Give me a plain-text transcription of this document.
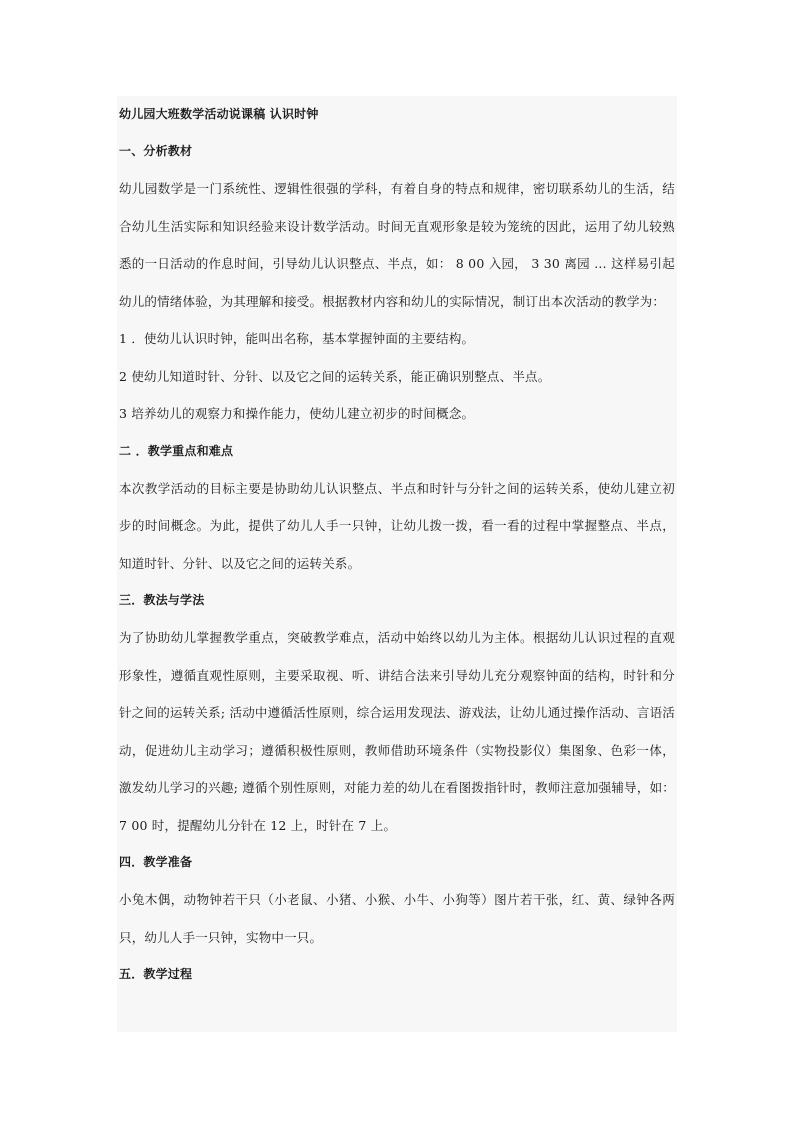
幼儿园大班数学活动说课稿 认识时钟

一、分析教材

幼儿园数学是一门系统性、逻辑性很强的学科，有着自身的特点和规律，密切联系幼儿的生活，结合幼儿生活实际和知识经验来设计数学活动。时间无直观形象是较为笼统的因此，运用了幼儿较熟悉的一日活动的作息时间，引导幼儿认识整点、半点，如： 8 00 入园， 3 30 离园 … 这样易引起幼儿的情绪体验，为其理解和接受。根据教材内容和幼儿的实际情况，制订出本次活动的教学为：

1 ．使幼儿认识时钟，能叫出名称，基本掌握钟面的主要结构。

2 使幼儿知道时针、分针、以及它之间的运转关系，能正确识别整点、半点。

3 培养幼儿的观察力和操作能力，使幼儿建立初步的时间概念。

二 ．教学重点和难点

本次教学活动的目标主要是协助幼儿认识整点、半点和时针与分针之间的运转关系，使幼儿建立初步的时间概念。为此，提供了幼儿人手一只钟，让幼儿拨一拨，看一看的过程中掌握整点、半点，知道时针、分针、以及它之间的运转关系。

三．教法与学法

为了协助幼儿掌握教学重点，突破教学难点，活动中始终以幼儿为主体。根据幼儿认识过程的直观形象性，遵循直观性原则，主要采取视、听、讲结合法来引导幼儿充分观察钟面的结构，时针和分针之间的运转关系; 活动中遵循活性原则，综合运用发现法、游戏法，让幼儿通过操作活动、言语活动，促进幼儿主动学习；遵循积极性原则，教师借助环境条件（实物投影仪）集图象、色彩一体，激发幼儿学习的兴趣; 遵循个别性原则，对能力差的幼儿在看图拨指针时，教师注意加强辅导，如： 7 00 时，提醒幼儿分针在 12 上，时针在 7 上。

四．教学准备

小兔木偶，动物钟若干只（小老鼠、小猪、小猴、小牛、小狗等）图片若干张，红、黄、绿钟各两只，幼儿人手一只钟，实物中一只。

五．教学过程
